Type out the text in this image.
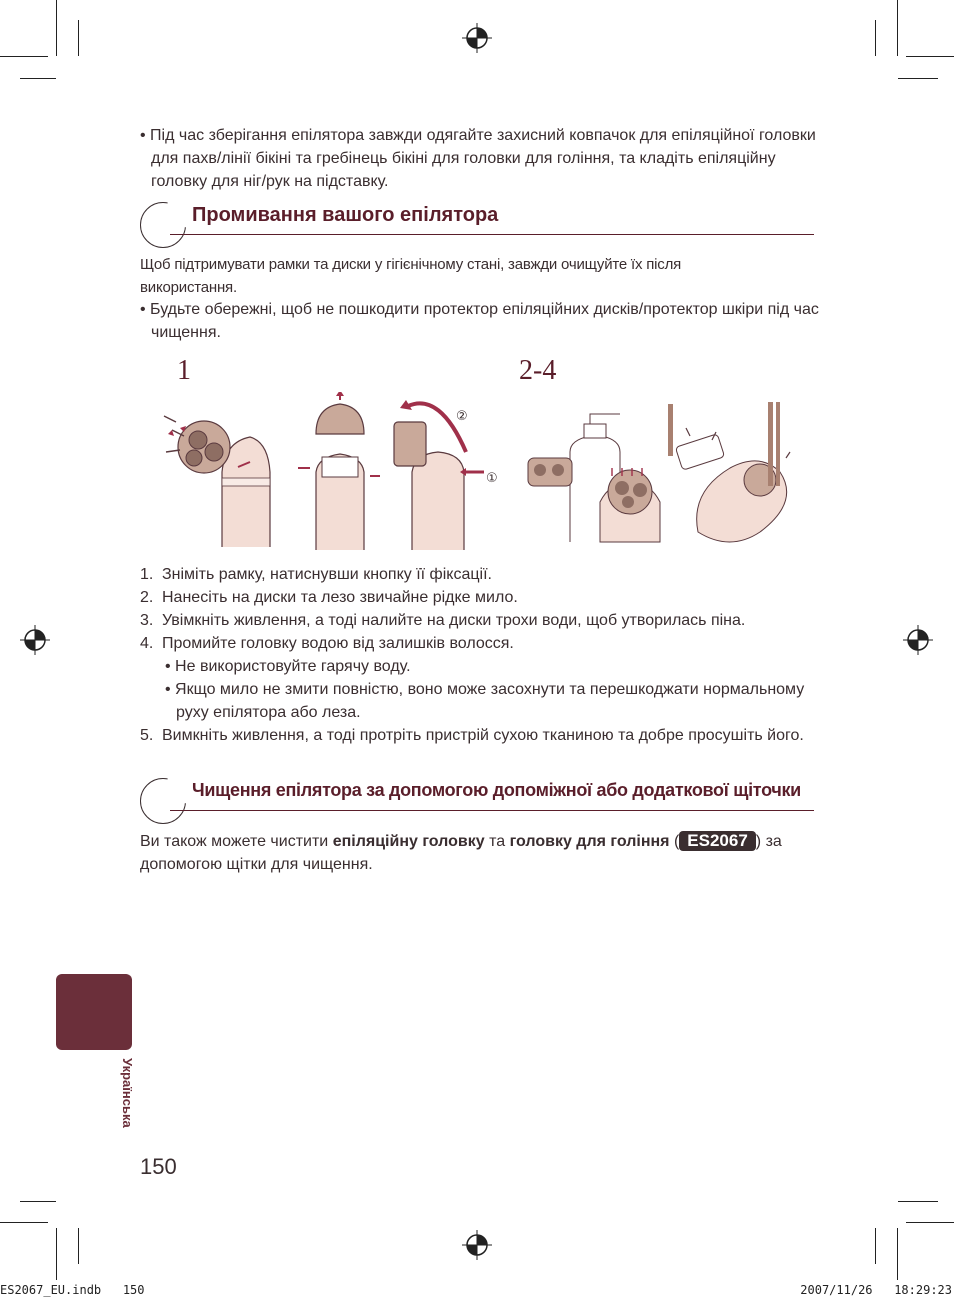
• Під час зберігання епілятора завжди одягайте захисний ковпачок для епіляційної головки для пахв/лінії бікіні та гребінець бікіні для головки для гоління, та кладіть епіляційну головку для ніг/рук на підставку.
Промивання вашого епілятора
Щоб підтримувати рамки та диски у гігієнічному стані, завжди очищуйте їх після використання.
• Будьте обережні, щоб не пошкодити протектор епіляційних дисків/протектор шкіри під час чищення.
1	2-4
②
①
1. Зніміть рамку, натиснувши кнопку її фіксації.
2. Нанесіть на диски та лезо звичайне рідке мило.
3. Увімкніть живлення, а тоді налийте на диски трохи води, щоб утворилась піна.
4. Промийте головку водою від залишків волосся.
• Не використовуйте гарячу воду.
• Якщо мило не змити повністю, воно може засохнути та перешкоджати нормальному руху епілятора або леза.
5. Вимкніть живлення, а тоді протріть пристрій сухою тканиною та добре просушіть його.
Чищення епілятора за допомогою допоміжної або додаткової щіточки
Ви також можете чистити епіляційну головку та головку для гоління ( ES2067 ) за допомогою щітки для чищення.
Українська
150
ES2067_EU.indb   150	2007/11/26   18:29:23
